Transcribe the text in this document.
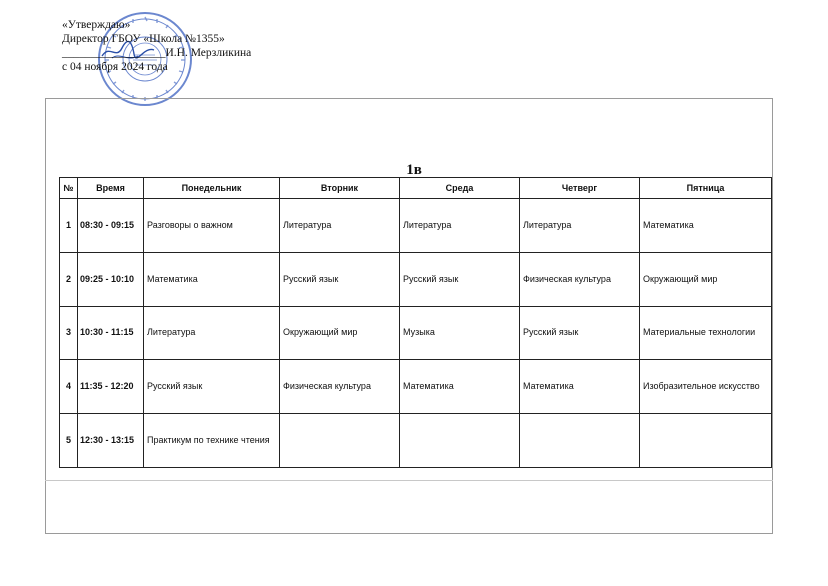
«Утверждаю»
Директор ГБОУ «Школа №1355»
__________________И.Н. Мерзликина
с 04 ноября 2024 года
1в
№	Время	Понедельник	Вторник	Среда	Четверг	Пятница
1	08:30 - 09:15	Разговоры о важном	Литература	Литература	Литература	Математика
2	09:25 - 10:10	Математика	Русский язык	Русский язык	Физическая культура	Окружающий мир
3	10:30 - 11:15	Литература	Окружающий мир	Музыка	Русский язык	Материальные технологии
4	11:35 - 12:20	Русский язык	Физическая культура	Математика	Математика	Изобразительное искусство
5	12:30 - 13:15	Практикум по технике чтения				
